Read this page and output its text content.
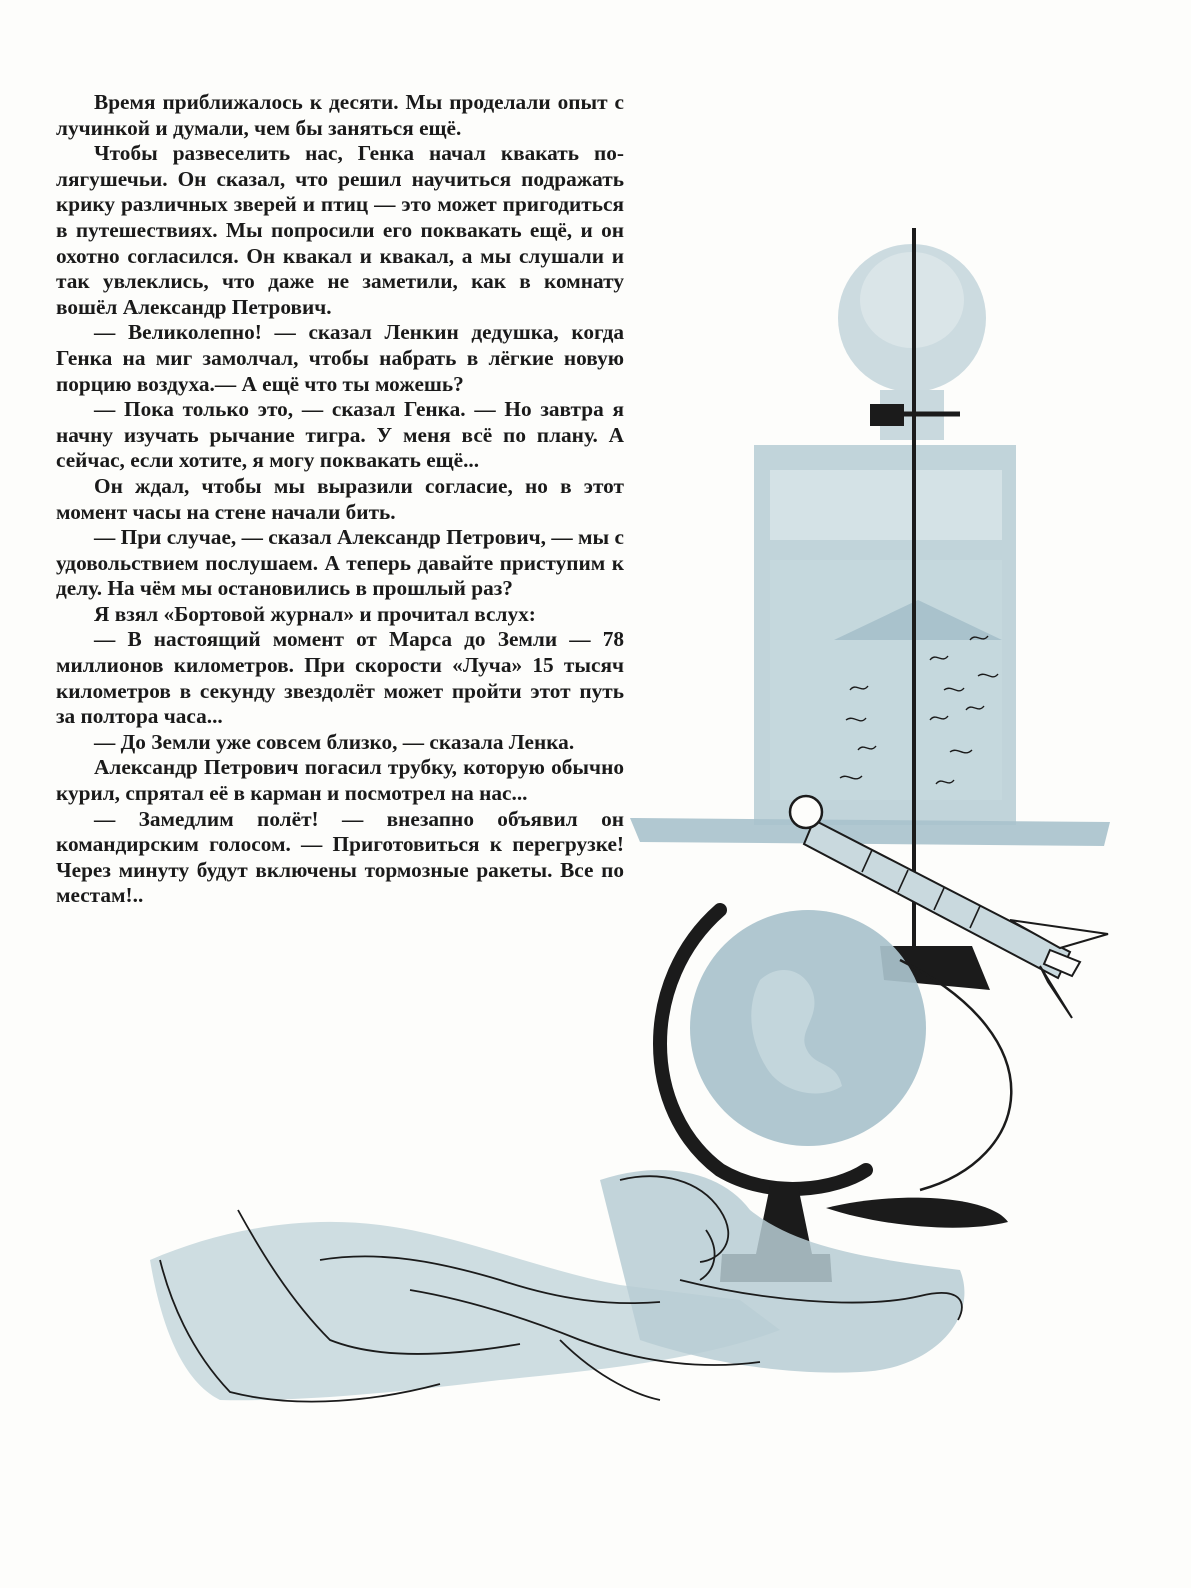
Время приближалось к десяти. Мы проделали опыт с лучинкой и думали, чем бы заняться ещё.

Чтобы развеселить нас, Генка начал квакать по-лягушечьи. Он сказал, что решил научиться подражать крику различных зверей и птиц — это может пригодиться в путешествиях. Мы попросили его поквакать ещё, и он охотно согласился. Он квакал и квакал, а мы слушали и так увлеклись, что даже не заметили, как в комнату вошёл Александр Петрович.

— Великолепно! — сказал Ленкин дедушка, когда Генка на миг замолчал, чтобы набрать в лёгкие новую порцию воздуха.— А ещё что ты можешь?

— Пока только это, — сказал Генка. — Но завтра я начну изучать рычание тигра. У меня всё по плану. А сейчас, если хотите, я могу поквакать ещё...

Он ждал, чтобы мы выразили согласие, но в этот момент часы на стене начали бить.

— При случае, — сказал Александр Петрович, — мы с удовольствием послушаем. А теперь давайте приступим к делу. На чём мы остановились в прошлый раз?

Я взял «Бортовой журнал» и прочитал вслух:

— В настоящий момент от Марса до Земли — 78 миллионов километров. При скорости «Луча» 15 тысяч километров в секунду звездолёт может пройти этот путь за полтора часа...

— До Земли уже совсем близко, — сказала Ленка.

Александр Петрович погасил трубку, которую обычно курил, спрятал её в карман и посмотрел на нас...

— Замедлим полёт! — внезапно объявил он командирским голосом. — Приготовиться к перегрузке! Через минуту будут включены тормозные ракеты. Все по местам!..
